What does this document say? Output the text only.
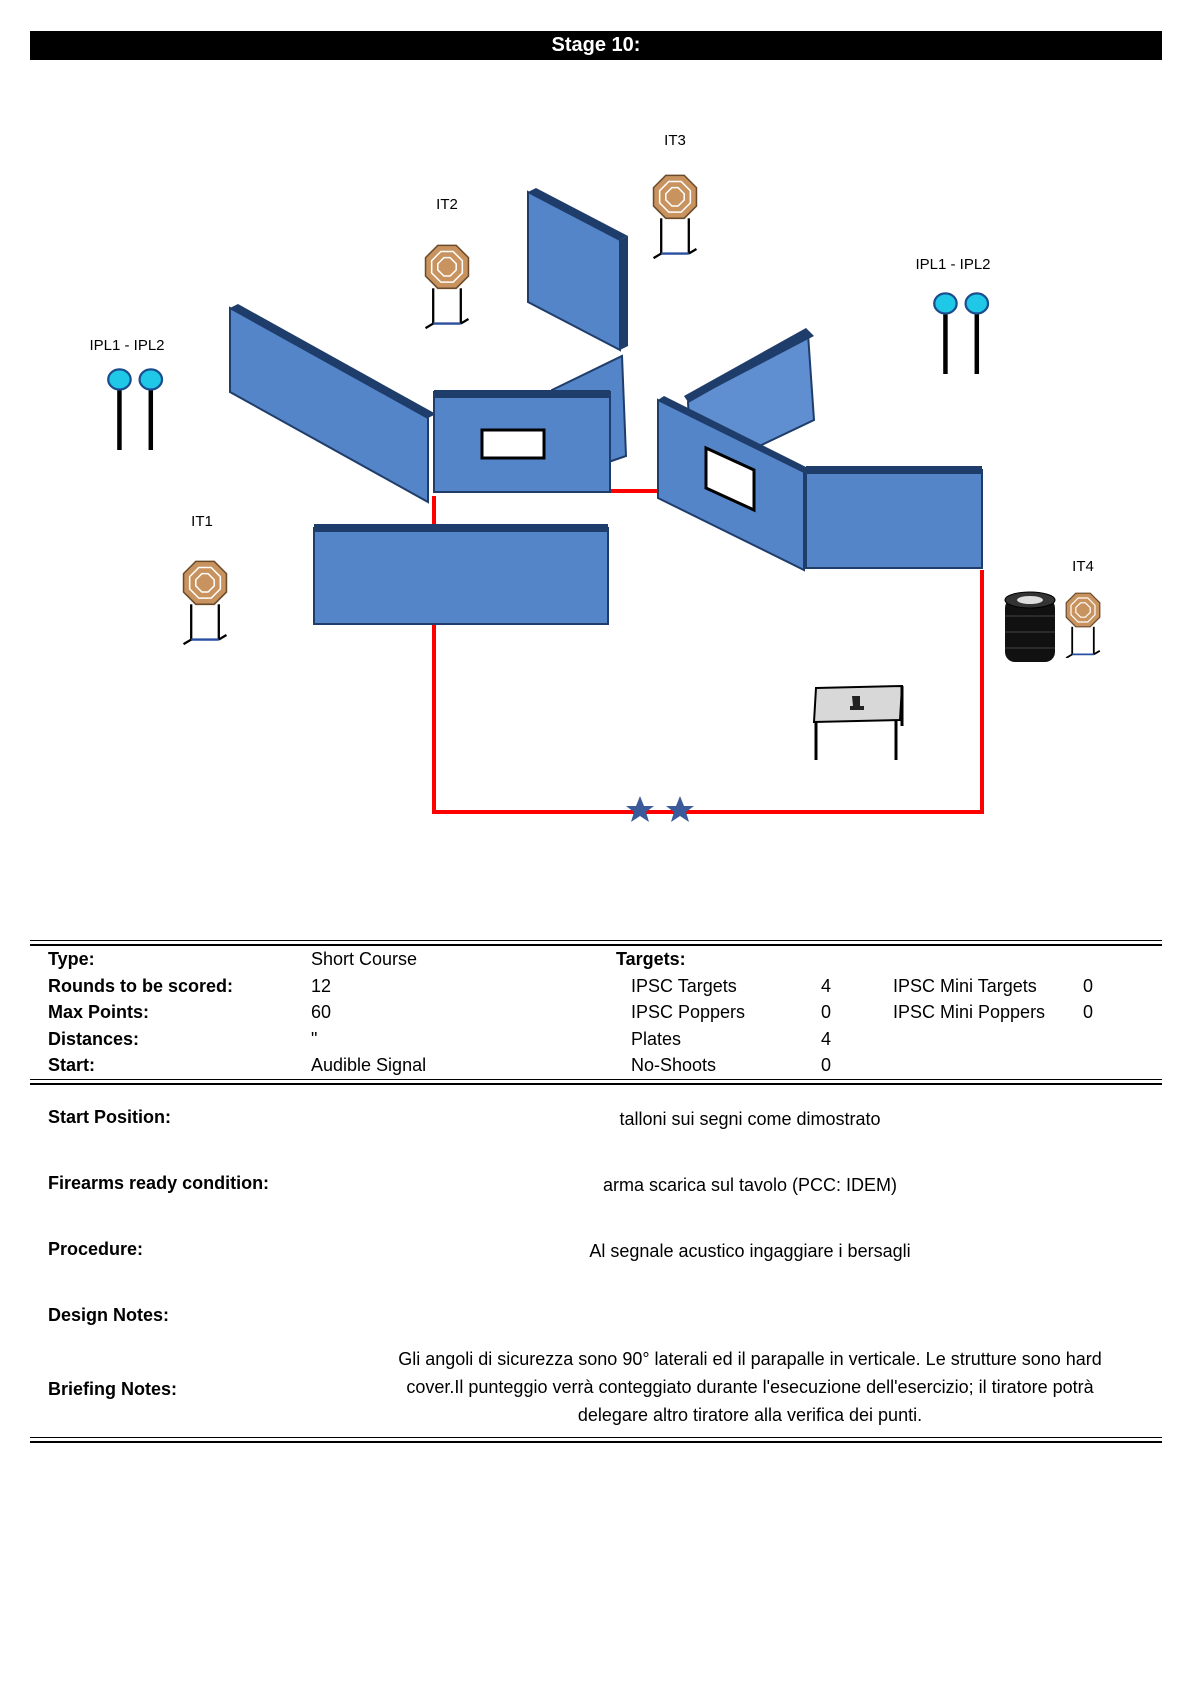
Stage 10:
IT1
IT2
IT3
IT4
IPL1 - IPL2
IPL1 - IPL2
Type:	Short Course	Targets:
Rounds to be scored:	12	IPSC Targets	4	IPSC Mini Targets	0
Max Points:	60	IPSC Poppers	0	IPSC Mini Poppers 0
Distances:	"	Plates	4
Start:	Audible Signal	No-Shoots	0
Start Position:	talloni sui segni come dimostrato
Firearms ready condition:	arma scarica sul tavolo (PCC: IDEM)
Procedure:	Al segnale acustico ingaggiare i bersagli
Design Notes:
Briefing Notes:
Gli angoli di sicurezza sono 90° laterali ed il parapalle in verticale. Le strutture sono hard
cover.Il punteggio verrà conteggiato durante l'esecuzione dell'esercizio; il tiratore potrà
delegare altro tiratore alla verifica dei punti.
